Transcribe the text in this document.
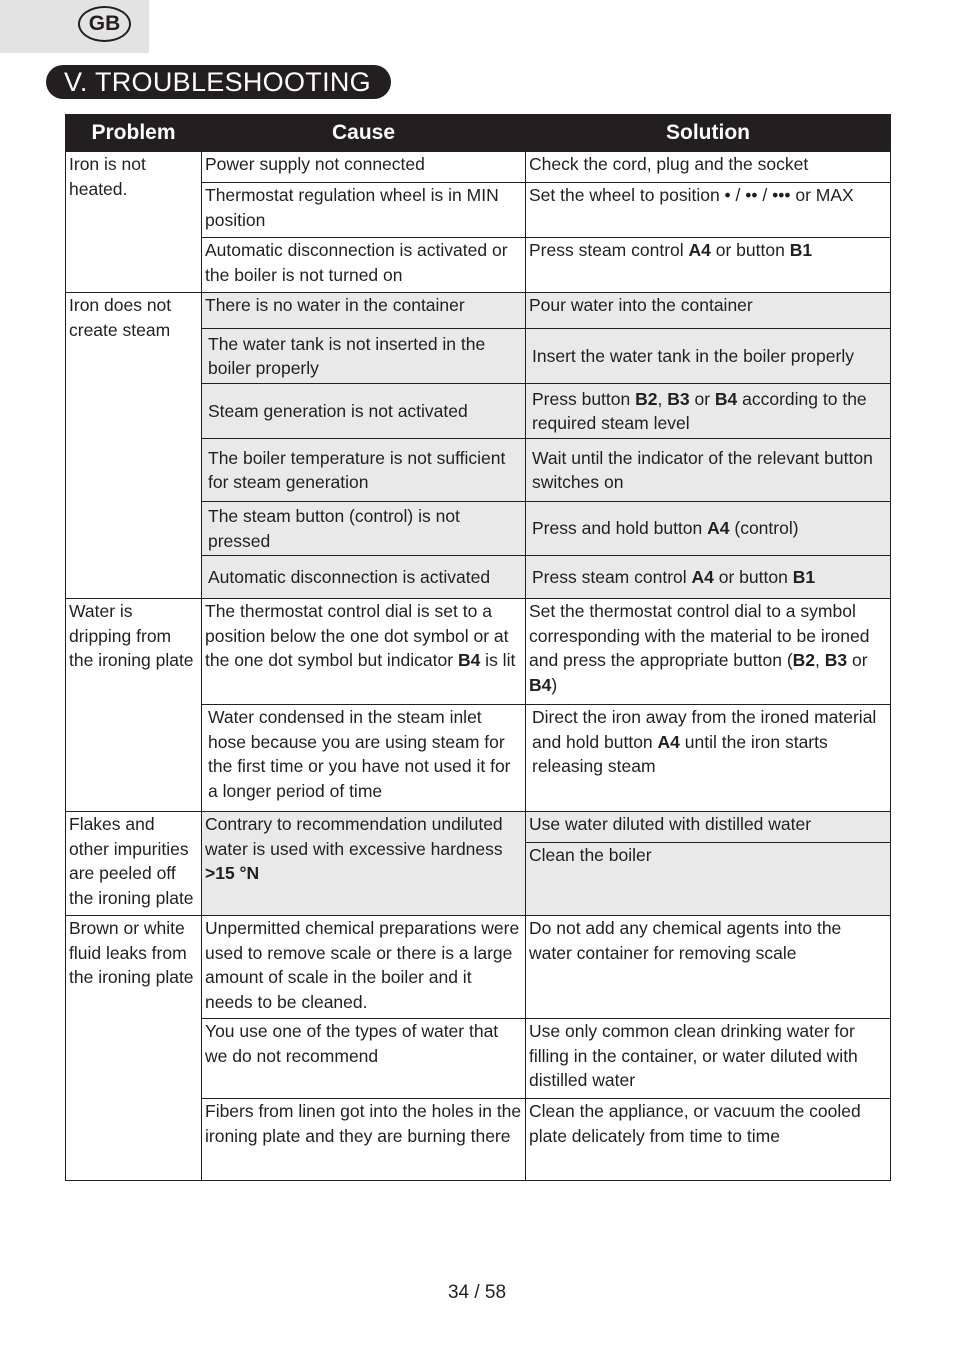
GB
V. TROUBLESHOOTING
Problem	Cause	Solution
Iron is not heated.	Power supply not connected	Check the cord, plug and the socket
	Thermostat regulation wheel is in MIN position	Set the wheel to position • / •• / ••• or MAX
	Automatic disconnection is activated or the boiler is not turned on	Press steam control A4 or button B1
Iron does not create steam	There is no water in the container	Pour water into the container
	The water tank is not inserted in the boiler properly	Insert the water tank in the boiler properly
	Steam generation is not activated	Press button B2, B3 or B4 according to the required steam level
	The boiler temperature is not sufficient for steam generation	Wait until the indicator of the relevant button switches on
	The steam button (control) is not pressed	Press and hold button A4 (control)
	Automatic disconnection is activated	Press steam control A4 or button B1
Water is dripping from the ironing plate	The thermostat control dial is set to a position below the one dot symbol or at the one dot symbol but indicator B4 is lit	Set the thermostat control dial to a symbol corresponding with the material to be ironed and press the appropriate button (B2, B3 or B4)
	Water condensed in the steam inlet hose because you are using steam for the first time or you have not used it for a longer period of time	Direct the iron away from the ironed material and hold button A4 until the iron starts releasing steam
Flakes and other impurities are peeled off the ironing plate	Contrary to recommendation undiluted water is used with excessive hardness >15 °N	Use water diluted with distilled water
		Clean the boiler
Brown or white fluid leaks from the ironing plate	Unpermitted chemical preparations were used to remove scale or there is a large amount of scale in the boiler and it needs to be cleaned.	Do not add any chemical agents into the water container for removing scale
	You use one of the types of water that we do not recommend	Use only common clean drinking water for filling in the container, or water diluted with distilled water
	Fibers from linen got into the holes in the ironing plate and they are burning there	Clean the appliance, or vacuum the cooled plate delicately from time to time
34 / 58
